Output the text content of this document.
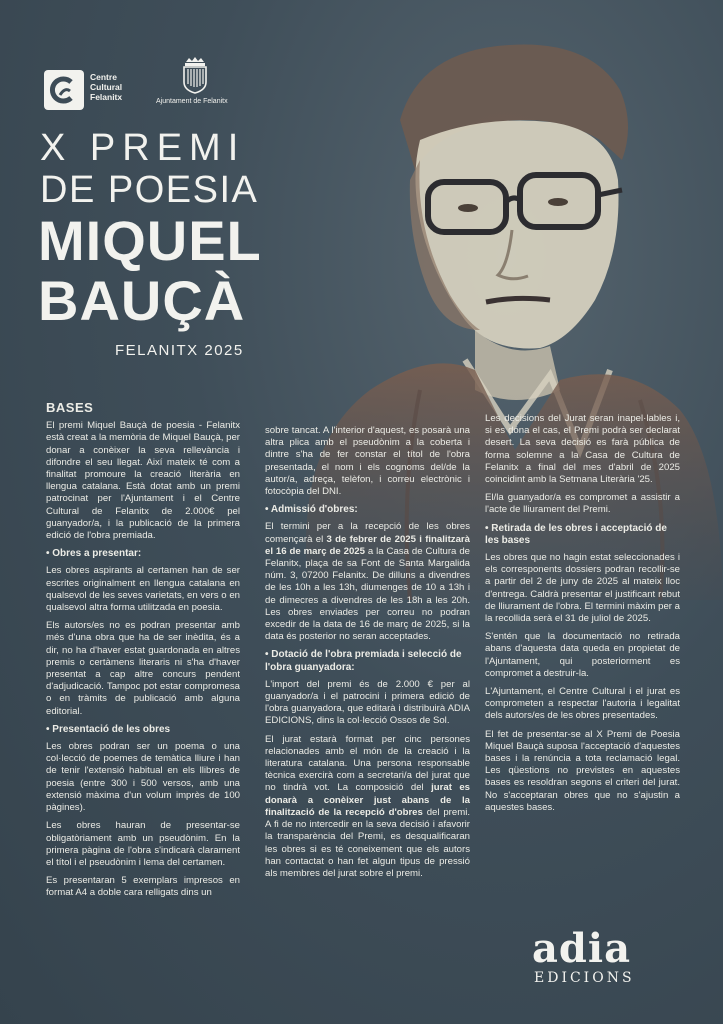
Centre
Cultural
Felanitx	Ajuntament de Felanitx
X PREMI
DE POESIA
MIQUEL
BAUÇÀ
FELANITX 2025
BASES

El premi Miquel Bauçà de poesia - Felanitx està creat a la memòria de Miquel Bauçà, per donar a conèixer la seva rellevància i difondre el seu llegat. Així mateix té com a finalitat promoure la creació literària en llengua catalana. Està dotat amb un premi patrocinat per l'Ajuntament i el Centre Cultural de Felanitx de 2.000€ pel guanyador/a, i la publicació de la primera edició de l'obra premiada.

• Obres a presentar:

Les obres aspirants al certamen han de ser escrites originalment en llengua catalana en qualsevol de les seves varietats, en vers o en qualsevol altra forma utilitzada en poesia.

Els autors/es no es podran presentar amb més d'una obra que ha de ser inèdita, és a dir, no ha d'haver estat guardonada en altres premis o certàmens literaris ni s'ha d'haver presentat a cap altre concurs pendent d'adjudicació. Tampoc pot estar compromesa o en tràmits de publicació amb alguna editorial.

• Presentació de les obres

Les obres podran ser un poema o una col·lecció de poemes de temàtica lliure i han de tenir l'extensió habitual en els llibres de poesia (entre 300 i 500 versos, amb una extensió màxima d'un volum imprès de 100 pàgines).

Les obres hauran de presentar-se obligatòriament amb un pseudònim. En la primera pàgina de l'obra s'indicarà clarament el títol i el pseudònim i lema del certamen.

Es presentaran 5 exemplars impresos en format A4 a doble cara relligats dins un

sobre tancat. A l'interior d'aquest, es posarà una altra plica amb el pseudònim a la coberta i dintre s'ha de fer constar el títol de l'obra presentada, el nom i els cognoms del/de la autor/a, adreça, telèfon, i correu electrònic i fotocòpia del DNI.

• Admissió d'obres:

El termini per a la recepció de les obres començarà el 3 de febrer de 2025 i finalitzarà el 16 de març de 2025 a la Casa de Cultura de Felanitx, plaça de sa Font de Santa Margalida núm. 3, 07200 Felanitx. De dilluns a divendres de les 10h a les 13h, diumenges de 10 a 13h i de dimecres a divendres de les 18h a les 20h. Les obres enviades per correu no podran excedir de la data de 16 de març de 2025, si la data és posterior no seran acceptades.

• Dotació de l'obra premiada i selecció de l'obra guanyadora:

L'import del premi és de 2.000 € per al guanyador/a i el patrocini i primera edició de l'obra guanyadora, que editarà i distribuirà ADIA EDICIONS, dins la col·lecció Ossos de Sol.

El jurat estarà format per cinc persones relacionades amb el món de la creació i la literatura catalana. Una persona responsable tècnica exercirà com a secretari/a del jurat que no tindrà vot. La composició del jurat es donarà a conèixer just abans de la finalització de la recepció d'obres del premi. A fi de no intercedir en la seva decisió i afavorir la transparència del Premi, es desqualificaran les obres si es té coneixement que els autors han contactat o han fet algun tipus de pressió als membres del jurat sobre el premi.

Les decisions del Jurat seran inapel·lables i, si es dóna el cas, el Premi podrà ser declarat desert. La seva decisió es farà pública de forma solemne a la Casa de Cultura de Felanitx a final del mes d'abril de 2025 coincidint amb la Setmana Literària '25.

El/la guanyador/a es compromet a assistir a l'acte de lliurament del Premi.

• Retirada de les obres i acceptació de les bases

Les obres que no hagin estat seleccionades i els corresponents dossiers podran recollir-se a partir del 2 de juny de 2025 al mateix lloc d'entrega. Caldrà presentar el justificant rebut de lliurament de l'obra. El termini màxim per a la recollida serà el 31 de juliol de 2025.

S'entén que la documentació no retirada abans d'aquesta data queda en propietat de l'Ajuntament, qui posteriorment es compromet a destruir-la.

L'Ajuntament, el Centre Cultural i el jurat es comprometen a respectar l'autoria i legalitat dels autors/es de les obres presentades.

El fet de presentar-se al X Premi de Poesia Miquel Bauçà suposa l'acceptació d'aquestes bases i la renúncia a tota reclamació legal. Les qüestions no previstes en aquestes bases es resoldran segons el criteri del jurat. No s'acceptaran obres que no s'ajustin a aquestes bases.

adia
EDICIONS
